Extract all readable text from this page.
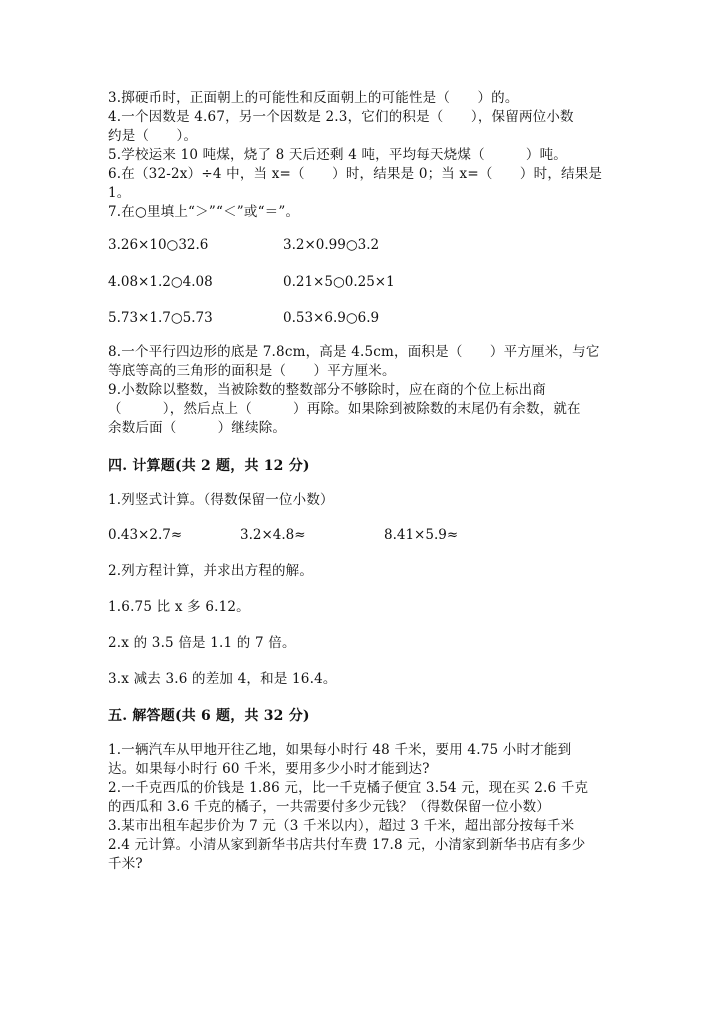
3.掷硬币时，正面朝上的可能性和反面朝上的可能性是（　　）的。
4.一个因数是 4.67，另一个因数是 2.3，它们的积是（　　），保留两位小数
约是（　　）。
5.学校运来 10 吨煤，烧了 8 天后还剩 4 吨，平均每天烧煤（　　　）吨。
6.在（32-2x）÷4 中，当 x=（　　）时，结果是 0；当 x=（　　）时，结果是
1。
7.在○里填上“＞”“＜”或“＝”。
3.26×10○32.6	3.2×0.99○3.2
4.08×1.2○4.08	0.21×5○0.25×1
5.73×1.7○5.73	0.53×6.9○6.9
8.一个平行四边形的底是 7.8cm，高是 4.5cm，面积是（　　）平方厘米，与它
等底等高的三角形的面积是（　　）平方厘米。
9.小数除以整数，当被除数的整数部分不够除时，应在商的个位上标出商
（　　　），然后点上（　　　）再除。如果除到被除数的末尾仍有余数，就在
余数后面（　　　）继续除。
四. 计算题(共 2 题，共 12 分)
1.列竖式计算。（得数保留一位小数）
0.43×2.7≈	3.2×4.8≈	8.41×5.9≈
2.列方程计算，并求出方程的解。
1.6.75 比 x 多 6.12。
2.x 的 3.5 倍是 1.1 的 7 倍。
3.x 减去 3.6 的差加 4，和是 16.4。
五. 解答题(共 6 题，共 32 分)
1.一辆汽车从甲地开往乙地，如果每小时行 48 千米，要用 4.75 小时才能到
达。如果每小时行 60 千米，要用多少小时才能到达?
2.一千克西瓜的价钱是 1.86 元，比一千克橘子便宜 3.54 元，现在买 2.6 千克
的西瓜和 3.6 千克的橘子，一共需要付多少元钱？（得数保留一位小数）
3.某市出租车起步价为 7 元（3 千米以内），超过 3 千米，超出部分按每千米
2.4 元计算。小清从家到新华书店共付车费 17.8 元，小清家到新华书店有多少
千米?
